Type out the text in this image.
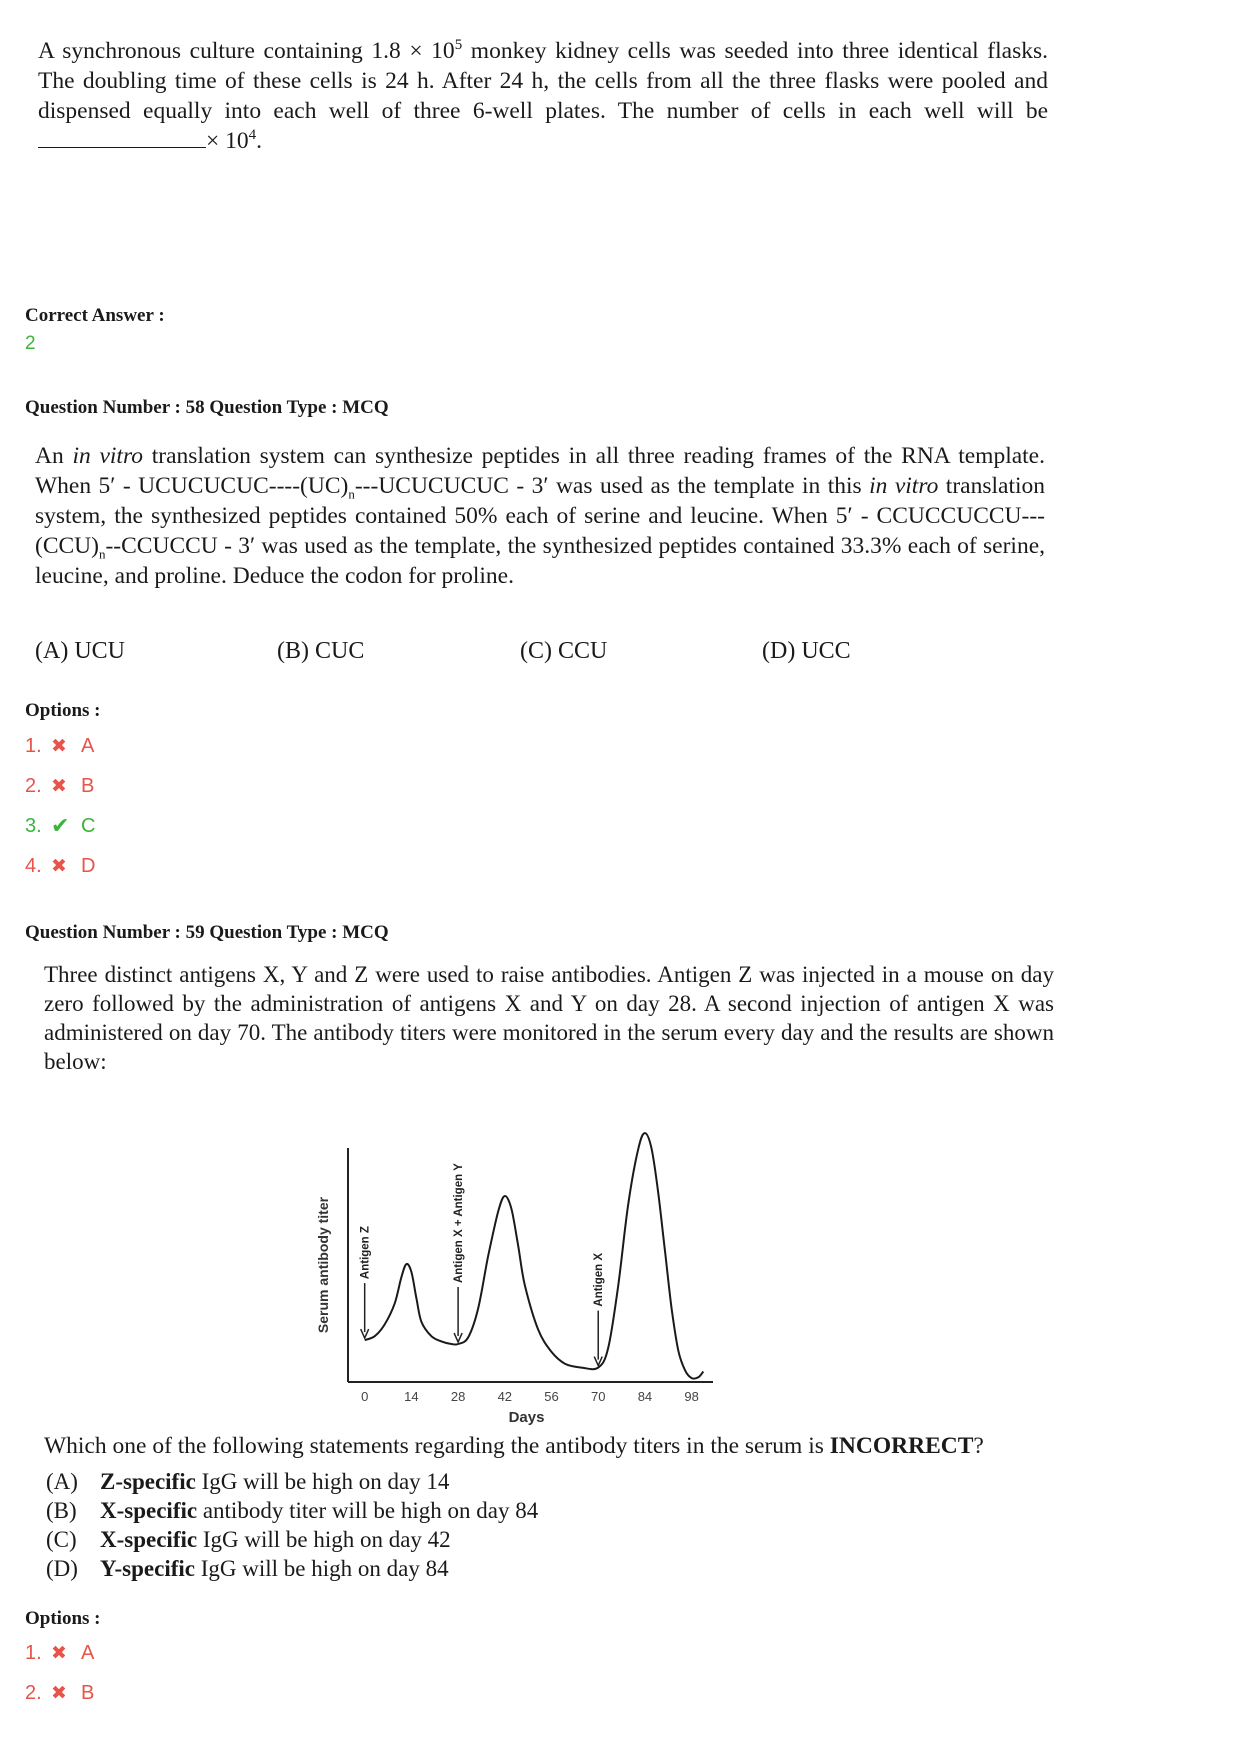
A synchronous culture containing $1.8 \times 10^5$ monkey kidney cells was seeded into three identical flasks. The doubling time of these cells is 24 h. After 24 h, the cells from all the three flasks were pooled and dispensed equally into each well of three 6-well plates. The number of cells in each well will be × $10^4$.
Correct Answer :
2
Question Number : 58 Question Type : MCQ
An in vitro translation system can synthesize peptides in all three reading frames of the RNA template. When 5′ - UCUCUCUC-$---(UC)_n--$-UCUCUCUC - 3′ was used as the template in this in vitro translation system, the synthesized peptides contained 50% each of serine and leucine. When 5′ - CCUCCUCCU-$--(CCU)_n-$-CCUCCU - 3′ was used as the template, the synthesized peptides contained 33.3% each of serine, leucine, and proline. Deduce the codon for proline.
(A) UCU	(B) CUC	(C) CCU	(D) UCC
Options :
1. ✖ A
2. ✖ B
3. ✔ C
4. ✖ D
Question Number : 59 Question Type : MCQ
Three distinct antigens X, Y and Z were used to raise antibodies. Antigen Z was injected in a mouse on day zero followed by the administration of antigens X and Y on day 28. A second injection of antigen X was administered on day 70. The antibody titers were monitored in the serum every day and the results are shown below:
0	14 28 42 56 70 84 98
Antigen Z	Antigen X + Antigen Y	Antigen X
Days
Serum antibody titer
Which one of the following statements regarding the antibody titers in the serum is INCORRECT?
(A) Z-specific IgG will be high on day 14
(B) X-specific antibody titer will be high on day 84
(C) X-specific IgG will be high on day 42
(D) Y-specific IgG will be high on day 84
Options :
1. ✖ A
2. ✖ B
